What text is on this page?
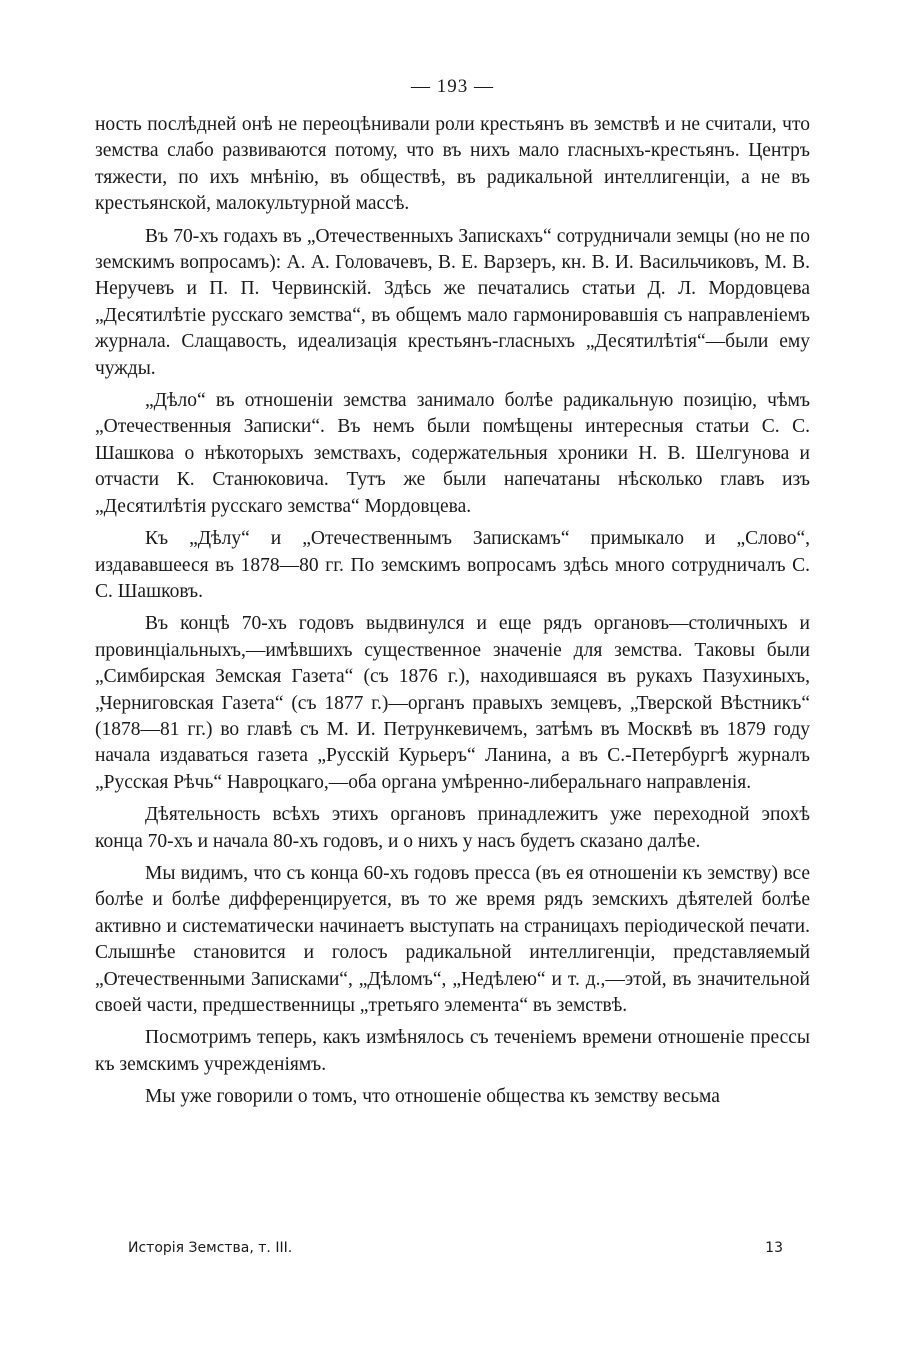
— 193 —

ность послѣдней онѣ не переоцѣнивали роли крестьянъ въ земствѣ и не считали, что земства слабо развиваются потому, что въ нихъ мало гласныхъ-крестьянъ. Центръ тяжести, по ихъ мнѣнію, въ обществѣ, въ радикальной интеллигенціи, а не въ крестьянской, малокультурной массѣ.

Въ 70-хъ годахъ въ „Отечественныхъ Запискахъ“ сотрудничали земцы (но не по земскимъ вопросамъ): А. А. Головачевъ, В. Е. Варзеръ, кн. В. И. Васильчиковъ, М. В. Неручевъ и П. П. Червинскій. Здѣсь же печатались статьи Д. Л. Мордовцева „Десятилѣтіе русскаго земства“, въ общемъ мало гармонировавшія съ направленіемъ журнала. Слащавость, идеализація крестьянъ-гласныхъ „Десятилѣтія“—были ему чужды.

„Дѣло“ въ отношеніи земства занимало болѣе радикальную позицію, чѣмъ „Отечественныя Записки“. Въ немъ были помѣщены интересныя статьи С. С. Шашкова о нѣкоторыхъ земствахъ, содержательныя хроники Н. В. Шелгунова и отчасти К. Станюковича. Тутъ же были напечатаны нѣсколько главъ изъ „Десятилѣтія русскаго земства“ Мордовцева.

Къ „Дѣлу“ и „Отечественнымъ Запискамъ“ примыкало и „Слово“, издававшееся въ 1878—80 гг. По земскимъ вопросамъ здѣсь много сотрудничалъ С. С. Шашковъ.

Въ концѣ 70-хъ годовъ выдвинулся и еще рядъ органовъ—столичныхъ и провинціальныхъ,—имѣвшихъ существенное значеніе для земства. Таковы были „Симбирская Земская Газета“ (съ 1876 г.), находившаяся въ рукахъ Пазухиныхъ, „Черниговская Газета“ (съ 1877 г.)—органъ правыхъ земцевъ, „Тверской Вѣстникъ“ (1878—81 гг.) во главѣ съ М. И. Петрункевичемъ, затѣмъ въ Москвѣ въ 1879 году начала издаваться газета „Русскій Курьеръ“ Ланина, а въ С.-Петербургѣ журналъ „Русская Рѣчь“ Навроцкаго,—оба органа умѣренно-либеральнаго направленія.

Дѣятельность всѣхъ этихъ органовъ принадлежитъ уже переходной эпохѣ конца 70-хъ и начала 80-хъ годовъ, и о нихъ у насъ будетъ сказано далѣе.

Мы видимъ, что съ конца 60-хъ годовъ пресса (въ ея отношеніи къ земству) все болѣе и болѣе дифференцируется, въ то же время рядъ земскихъ дѣятелей болѣе активно и систематически начинаетъ выступать на страницахъ періодической печати. Слышнѣе становится и голосъ радикальной интеллигенціи, представляемый „Отечественными Записками“, „Дѣломъ“, „Недѣлею“ и т. д.,—этой, въ значительной своей части, предшественницы „третьяго элемента“ въ земствѣ.

Посмотримъ теперь, какъ измѣнялось съ теченіемъ времени отношеніе прессы къ земскимъ учрежденіямъ.

Мы уже говорили о томъ, что отношеніе общества къ земству весьма

Исторія Земства, т. III.	13
